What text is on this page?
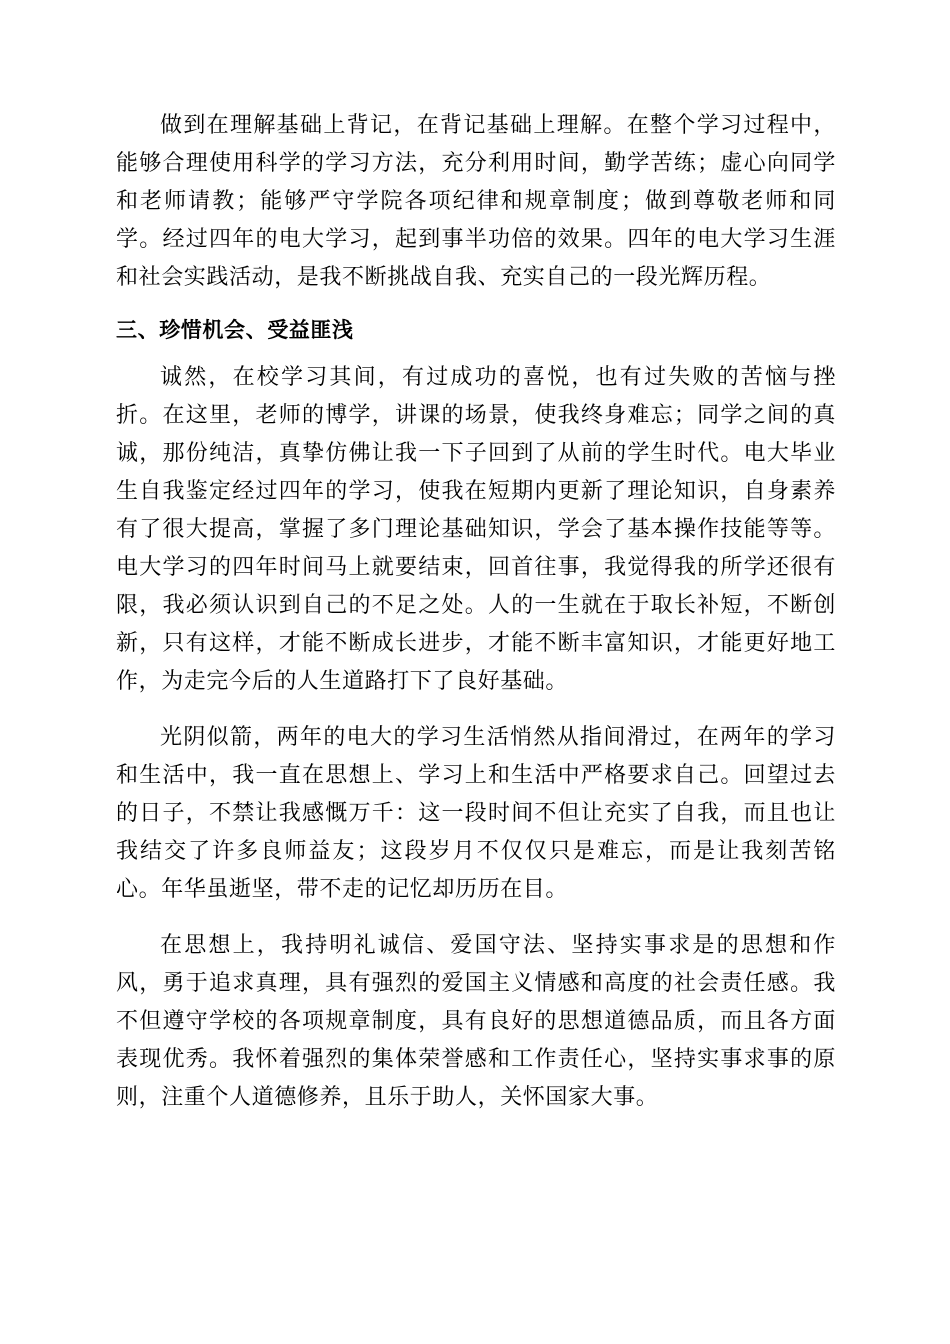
做到在理解基础上背记，在背记基础上理解。在整个学习过程中，能够合理使用科学的学习方法，充分利用时间，勤学苦练；虚心向同学和老师请教；能够严守学院各项纪律和规章制度；做到尊敬老师和同学。经过四年的电大学习，起到事半功倍的效果。四年的电大学习生涯和社会实践活动，是我不断挑战自我、充实自己的一段光辉历程。

三、珍惜机会、受益匪浅

诚然，在校学习其间，有过成功的喜悦，也有过失败的苦恼与挫折。在这里，老师的博学，讲课的场景，使我终身难忘；同学之间的真诚，那份纯洁，真挚仿佛让我一下子回到了从前的学生时代。电大毕业生自我鉴定经过四年的学习，使我在短期内更新了理论知识，自身素养有了很大提高，掌握了多门理论基础知识，学会了基本操作技能等等。电大学习的四年时间马上就要结束，回首往事，我觉得我的所学还很有限，我必须认识到自己的不足之处。人的一生就在于取长补短，不断创新，只有这样，才能不断成长进步，才能不断丰富知识，才能更好地工作，为走完今后的人生道路打下了良好基础。

光阴似箭，两年的电大的学习生活悄然从指间滑过，在两年的学习和生活中，我一直在思想上、学习上和生活中严格要求自己。回望过去的日子，不禁让我感慨万千：这一段时间不但让充实了自我，而且也让我结交了许多良师益友；这段岁月不仅仅只是难忘，而是让我刻苦铭心。年华虽逝坚，带不走的记忆却历历在目。

在思想上，我持明礼诚信、爱国守法、坚持实事求是的思想和作风，勇于追求真理，具有强烈的爱国主义情感和高度的社会责任感。我不但遵守学校的各项规章制度，具有良好的思想道德品质，而且各方面表现优秀。我怀着强烈的集体荣誉感和工作责任心，坚持实事求事的原则，注重个人道德修养，且乐于助人，关怀国家大事。
